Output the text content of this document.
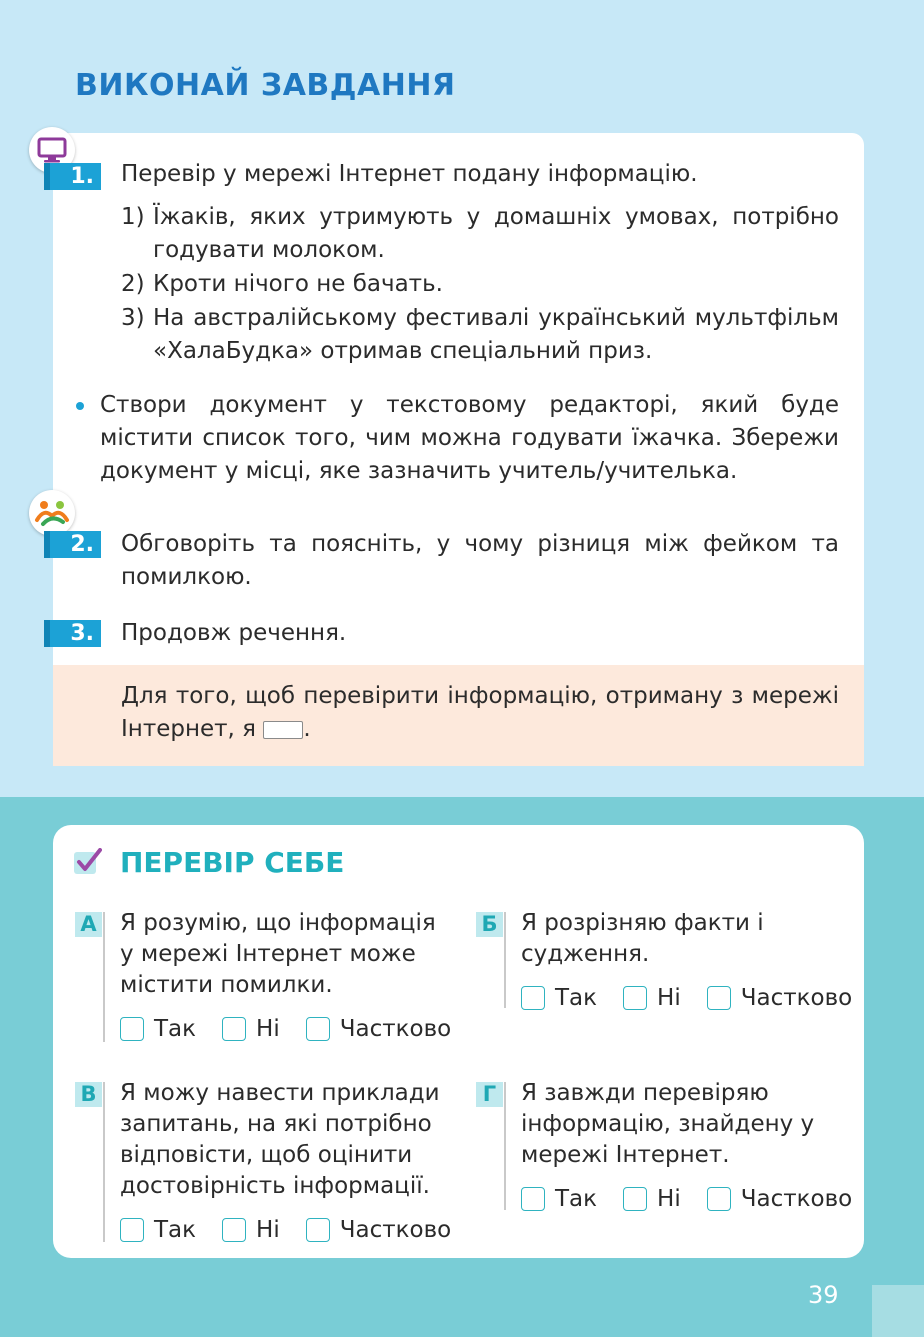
ВИКОНАЙ ЗАВДАННЯ
1.	Перевір у мережі Інтернет подану інформацію.
1) Їжаків, яких утримують у домашніх умовах, потрібно годувати молоком.
2) Кроти нічого не бачать.
3) На австралійському фестивалі український мультфільм «ХалаБудка» отримав спеціальний приз.
Створи документ у текстовому редакторі, який буде містити список того, чим можна годувати їжачка. Збережи документ у місці, яке зазначить учитель/учителька.
2.	Обговоріть та поясніть, у чому різниця між фейком та помилкою.
3.	Продовж речення.
Для того, щоб перевірити інформацію, отриману з мережі Інтернет, я .
ПЕРЕВІР СЕБЕ
А Я розумію, що інформація у мережі Інтернет може містити помилки.
Так	Ні	Частково
Б Я розрізняю факти і судження.
Так	Ні	Частково
В Я можу навести приклади запитань, на які потрібно відповісти, щоб оцінити достовірність інформації.
Так	Ні	Частково
Г Я завжди перевіряю інформацію, знайдену у мережі Інтернет.
Так	Ні	Частково
39
